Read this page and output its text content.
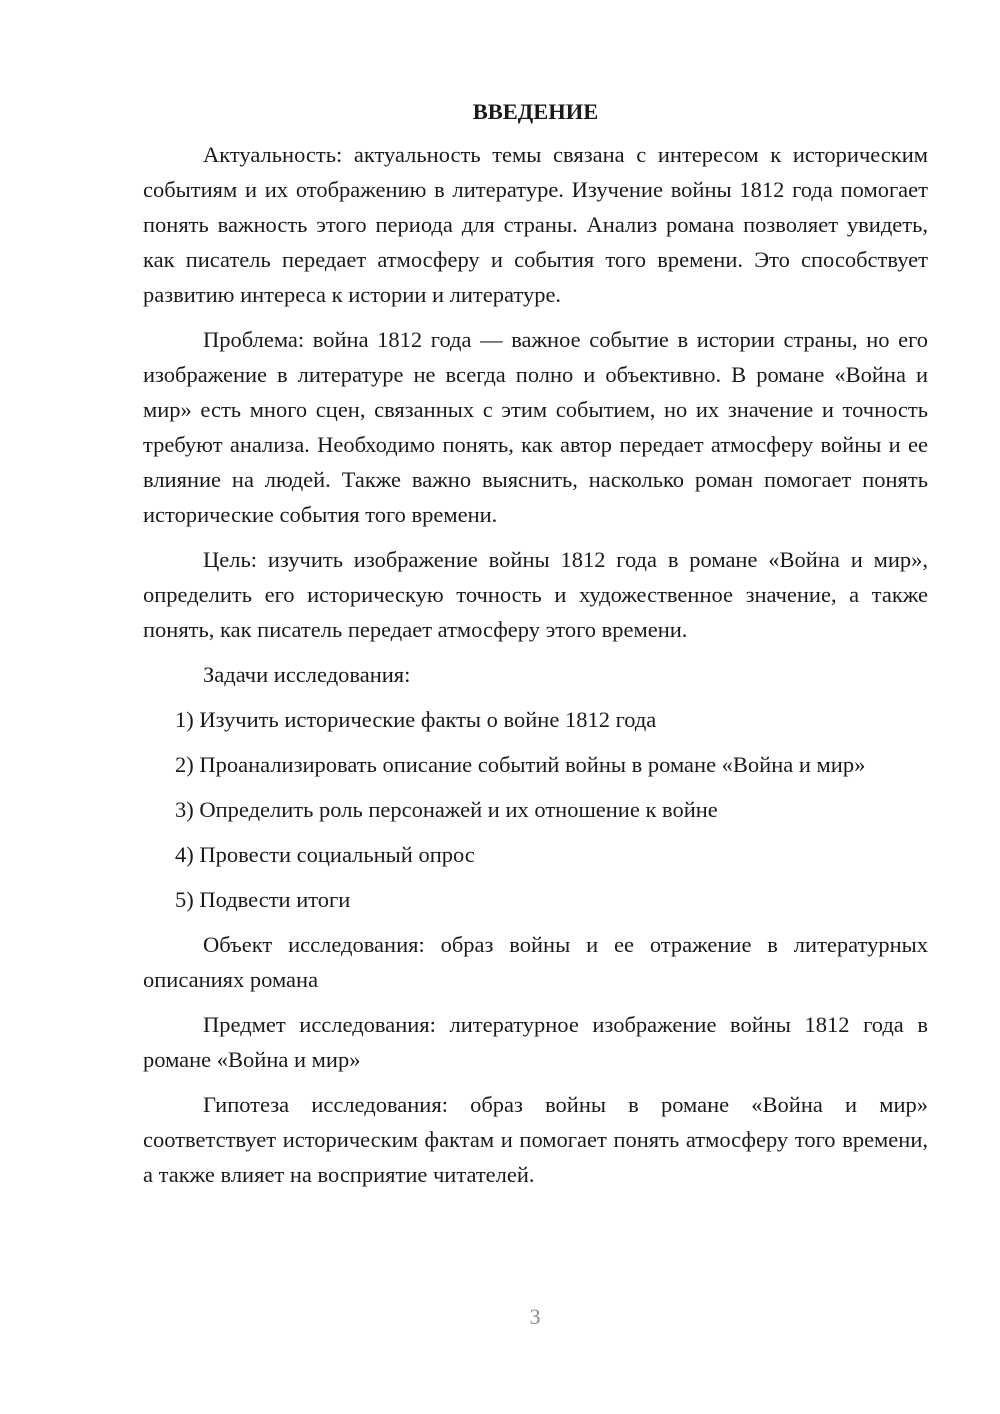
ВВЕДЕНИЕ

Актуальность: актуальность темы связана с интересом к историческим событиям и их отображению в литературе. Изучение войны 1812 года помогает понять важность этого периода для страны. Анализ романа позволяет увидеть, как писатель передает атмосферу и события того времени. Это способствует развитию интереса к истории и литературе.

Проблема: война 1812 года — важное событие в истории страны, но его изображение в литературе не всегда полно и объективно. В романе «Война и мир» есть много сцен, связанных с этим событием, но их значение и точность требуют анализа. Необходимо понять, как автор передает атмосферу войны и ее влияние на людей. Также важно выяснить, насколько роман помогает понять исторические события того времени.

Цель: изучить изображение войны 1812 года в романе «Война и мир», определить его историческую точность и художественное значение, а также понять, как писатель передает атмосферу этого времени.

Задачи исследования:

1) Изучить исторические факты о войне 1812 года

2) Проанализировать описание событий войны в романе «Война и мир»

3) Определить роль персонажей и их отношение к войне

4) Провести социальный опрос

5) Подвести итоги

Объект исследования: образ войны и ее отражение в литературных описаниях романа

Предмет исследования: литературное изображение войны 1812 года в романе «Война и мир»

Гипотеза исследования: образ войны в романе «Война и мир» соответствует историческим фактам и помогает понять атмосферу того времени, а также влияет на восприятие читателей.

3
